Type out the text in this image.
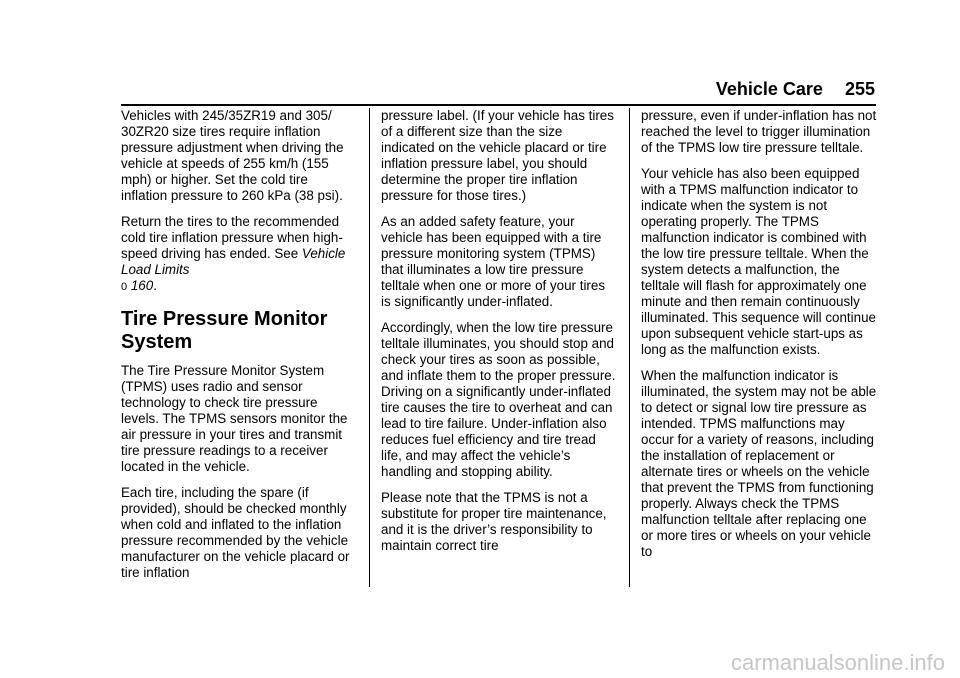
Vehicle Care 255

Vehicles with 245/35ZR19 and 305/ 30ZR20 size tires require inflation pressure adjustment when driving the vehicle at speeds of 255 km/h (155 mph) or higher. Set the cold tire inflation pressure to 260 kPa (38 psi).

Return the tires to the recommended cold tire inflation pressure when high-speed driving has ended. See Vehicle Load Limits
0 160.

Tire Pressure Monitor System

The Tire Pressure Monitor System (TPMS) uses radio and sensor technology to check tire pressure levels. The TPMS sensors monitor the air pressure in your tires and transmit tire pressure readings to a receiver located in the vehicle.

Each tire, including the spare (if provided), should be checked monthly when cold and inflated to the inflation pressure recommended by the vehicle manufacturer on the vehicle placard or tire inflation

pressure label. (If your vehicle has tires of a different size than the size indicated on the vehicle placard or tire inflation pressure label, you should determine the proper tire inflation pressure for those tires.)

As an added safety feature, your vehicle has been equipped with a tire pressure monitoring system (TPMS) that illuminates a low tire pressure telltale when one or more of your tires is significantly under-inflated.

Accordingly, when the low tire pressure telltale illuminates, you should stop and check your tires as soon as possible, and inflate them to the proper pressure. Driving on a significantly under-inflated tire causes the tire to overheat and can lead to tire failure. Under-inflation also reduces fuel efficiency and tire tread life, and may affect the vehicle’s handling and stopping ability.

Please note that the TPMS is not a substitute for proper tire maintenance, and it is the driver’s responsibility to maintain correct tire

pressure, even if under-inflation has not reached the level to trigger illumination of the TPMS low tire pressure telltale.

Your vehicle has also been equipped with a TPMS malfunction indicator to indicate when the system is not operating properly. The TPMS malfunction indicator is combined with the low tire pressure telltale. When the system detects a malfunction, the telltale will flash for approximately one minute and then remain continuously illuminated. This sequence will continue upon subsequent vehicle start-ups as long as the malfunction exists.

When the malfunction indicator is illuminated, the system may not be able to detect or signal low tire pressure as intended. TPMS malfunctions may occur for a variety of reasons, including the installation of replacement or alternate tires or wheels on the vehicle that prevent the TPMS from functioning properly. Always check the TPMS malfunction telltale after replacing one or more tires or wheels on your vehicle to

carmanualsonline.info
